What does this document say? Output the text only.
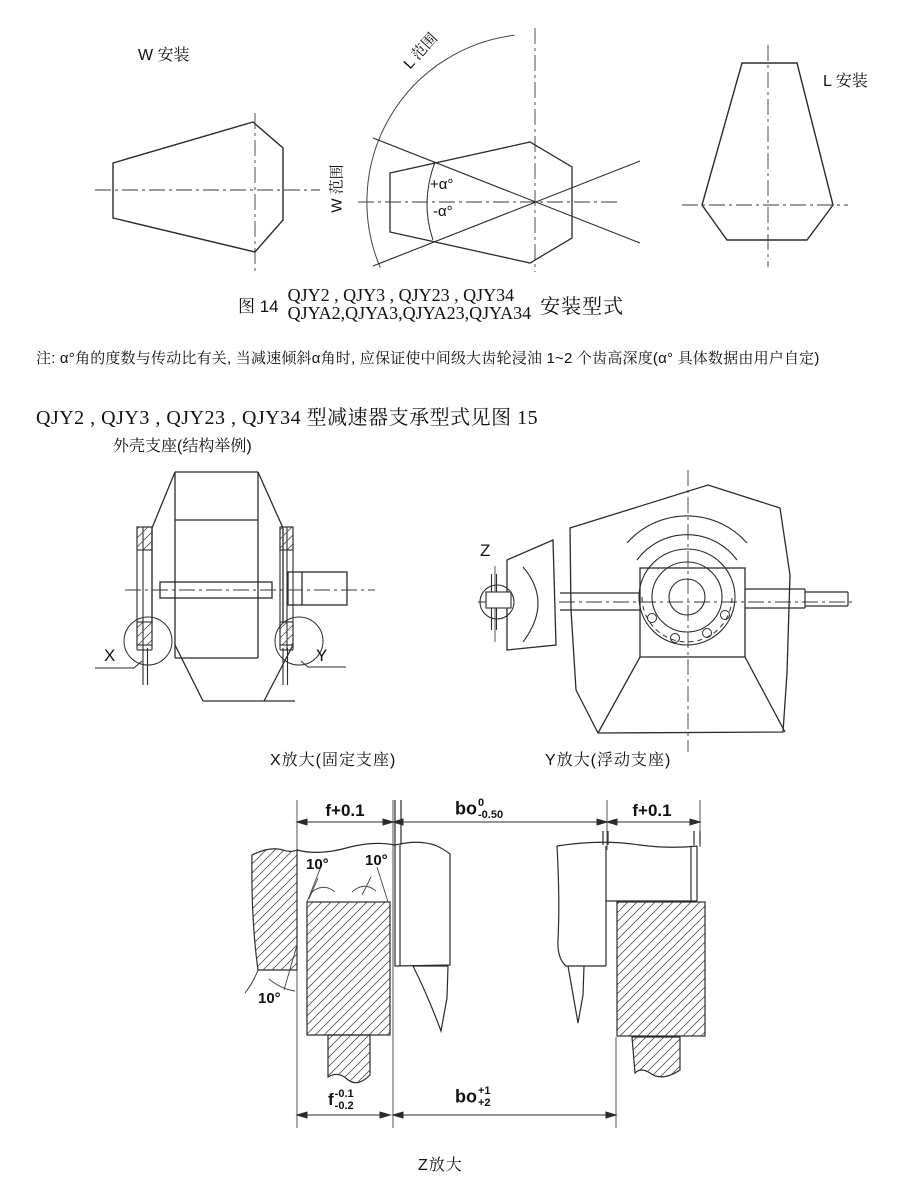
W 安装	L 范围
W 范围	+α°
-α°
L 安装
图 14
QJY2 , QJY3 , QJY23 , QJY34
QJYA2,QJYA3,QJYA23,QJYA34 安装型式
注: α°角的度数与传动比有关, 当减速倾斜α角时, 应保证使中间级大齿轮浸油 1~2 个齿高深度(α° 具体数据由用户自定)
QJY2 , QJY3 , QJY23 , QJY34 型减速器支承型式见图 15
外壳支座(结构举例)
X	Y
Z
X放大(固定支座)	Y放大(浮动支座)
f+0.1	bo 0
-0.50	f+0.1
10° 10°
10°
f -0.1
-0.2	bo +1
+2
Z放大
